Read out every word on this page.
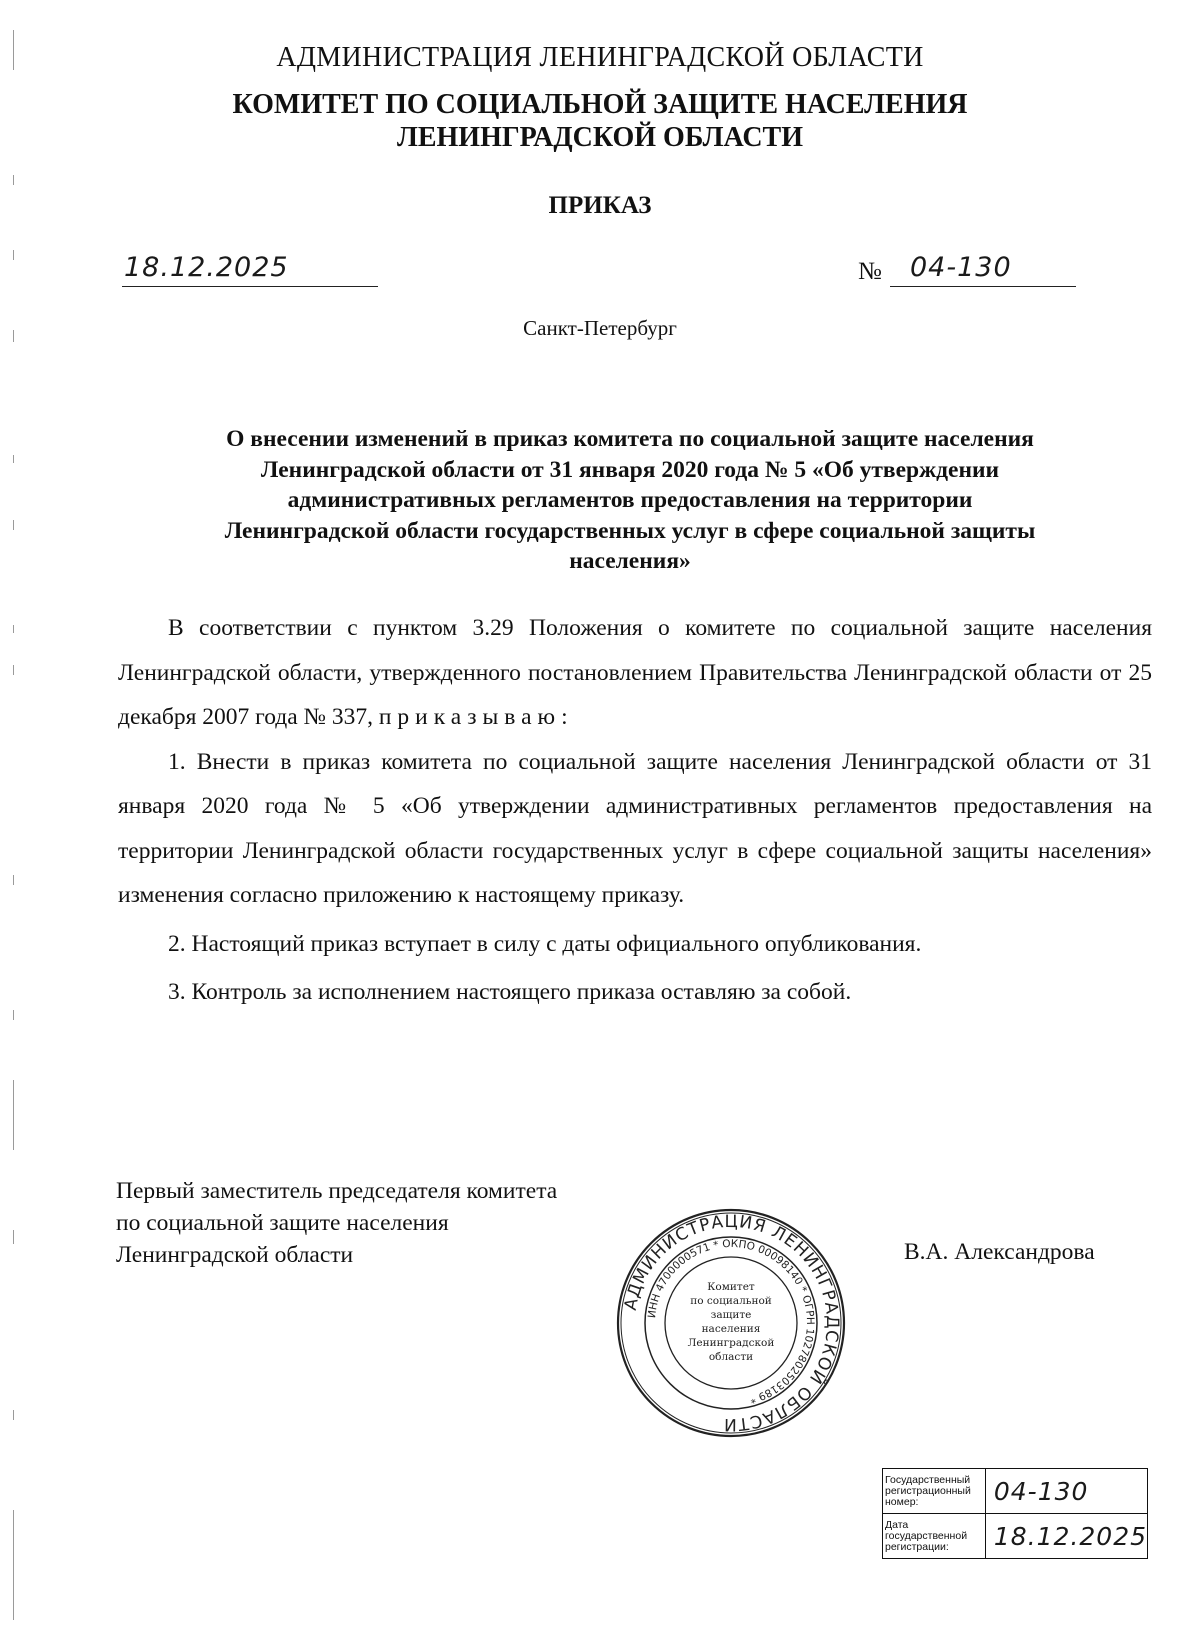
АДМИНИСТРАЦИЯ ЛЕНИНГРАДСКОЙ ОБЛАСТИ
КОМИТЕТ ПО СОЦИАЛЬНОЙ ЗАЩИТЕ НАСЕЛЕНИЯ
ЛЕНИНГРАДСКОЙ ОБЛАСТИ
ПРИКАЗ
18.12.2025	№ 04-130
Санкт-Петербург
О внесении изменений в приказ комитета по социальной защите населения
Ленинградской области от 31 января 2020 года № 5 «Об утверждении
административных регламентов предоставления на территории
Ленинградской области государственных услуг в сфере социальной защиты
населения»

В соответствии с пунктом 3.29 Положения о комитете по социальной защите населения Ленинградской области, утвержденного постановлением Правительства Ленинградской области от 25 декабря 2007 года № 337, приказываю:

1. Внести в приказ комитета по социальной защите населения Ленинградской области от 31 января 2020 года № 5 «Об утверждении административных регламентов предоставления на территории Ленинградской области государственных услуг в сфере социальной защиты населения» изменения согласно приложению к настоящему приказу.

2. Настоящий приказ вступает в силу с даты официального опубликования.

3. Контроль за исполнением настоящего приказа оставляю за собой.

Первый заместитель председателя комитета
по социальной защите населения
Ленинградской области	В.А. Александрова
АДМИНИСТРАЦИЯ ЛЕНИНГРАДСКОЙ ОБЛАСТИ
ИНН 4700000571 * ОКПО 00098140 * ОГРН 1027802503189 *
Комитет
по социальной
защите
населения
Ленинградской
области
Государственный регистрационный номер:	04-130
Дата государственной регистрации:	18.12.2025
